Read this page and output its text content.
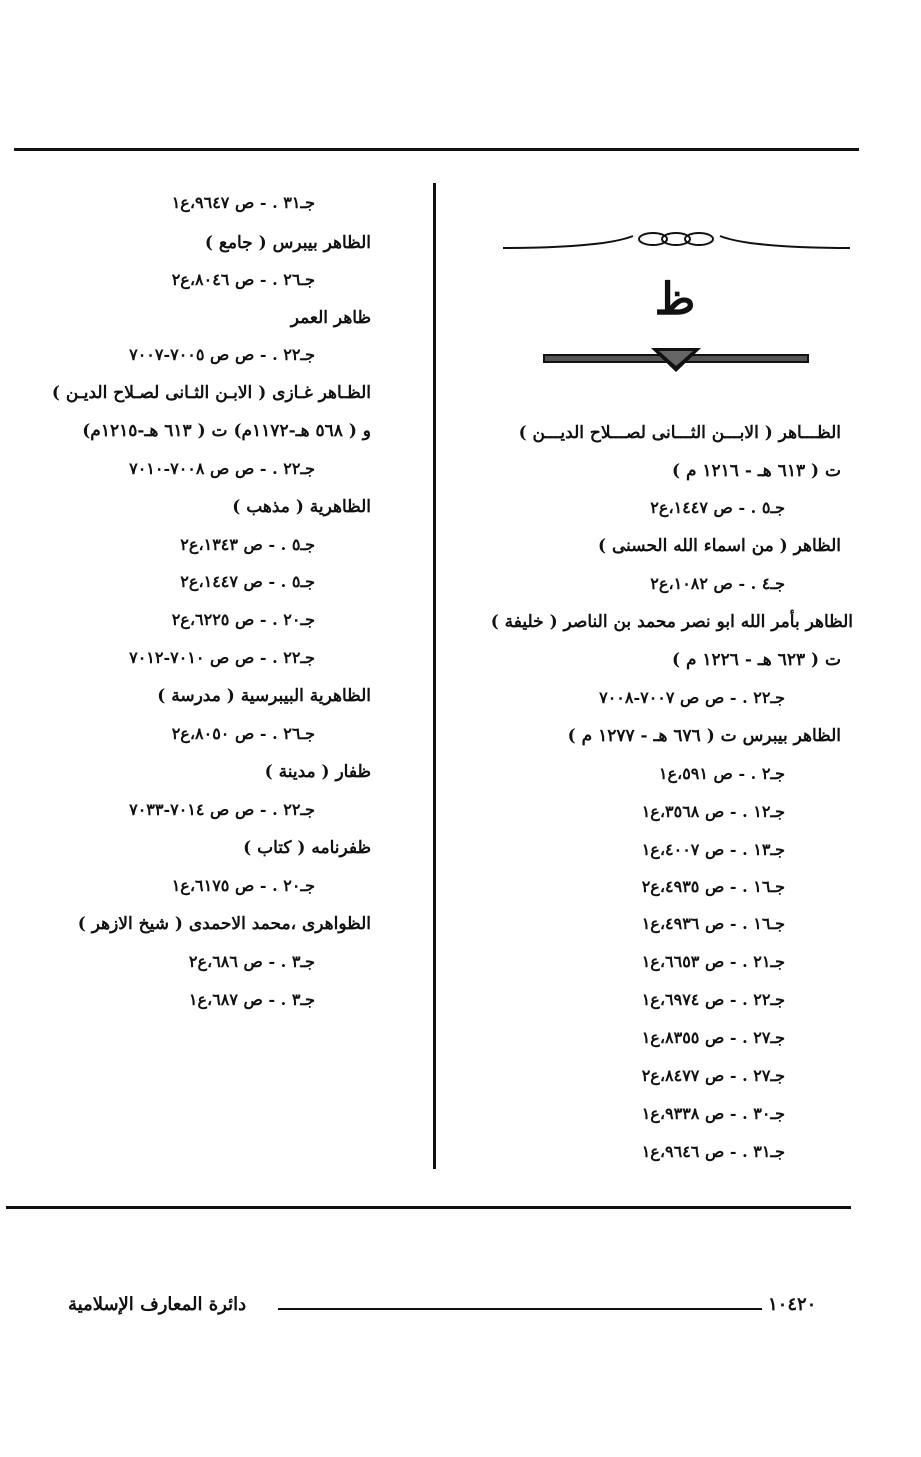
جـ٣١ . - ص ٩٦٤٧،ع١
الظاهر بيبرس ( جامع )
جـ٢٦ . - ص ٨٠٤٦،ع٢
ظاهر العمر
جـ٢٢ . - ص ص ٧٠٠٥-٧٠٠٧
الظـاهر غـازى ( الابـن الثـانى لصـلاح الديـن )
و ( ٥٦٨ هـ-١١٧٢م) ت ( ٦١٣ هـ-١٢١٥م)
جـ٢٢ . - ص ص ٧٠٠٨-٧٠١٠
الظاهرية ( مذهب )
جـ٥ . - ص ١٣٤٣،ع٢
جـ٥ . - ص ١٤٤٧،ع٢
جـ٢٠ . - ص ٦٢٢٥،ع٢
جـ٢٢ . - ص ص ٧٠١٠-٧٠١٢
الظاهرية البيبرسية ( مدرسة )
جـ٢٦ . - ص ٨٠٥٠،ع٢
ظفار ( مدينة )
جـ٢٢ . - ص ص ٧٠١٤-٧٠٣٣
ظفرنامه ( كتاب )
جـ٢٠ . - ص ٦١٧٥،ع١
الظواهرى ،محمد الاحمدى ( شيخ الازهر )
جـ٣ . - ص ٦٨٦،ع٢
جـ٣ . - ص ٦٨٧،ع١
ظ
الظـــاهر ( الابـــن الثـــانى لصـــلاح الديـــن )
ت ( ٦١٣ هـ - ١٢١٦ م )
جـ٥ . - ص ١٤٤٧،ع٢
الظاهر ( من اسماء الله الحسنى )
جـ٤ . - ص ١٠٨٢،ع٢
الظاهر بأمر الله ابو نصر محمد بن الناصر ( خليفة )
ت ( ٦٢٣ هـ - ١٢٢٦ م )
جـ٢٢ . - ص ص ٧٠٠٧-٧٠٠٨
الظاهر بيبرس ت ( ٦٧٦ هـ - ١٢٧٧ م )
جـ٢ . - ص ٥٩١،ع١
جـ١٢ . - ص ٣٥٦٨،ع١
جـ١٣ . - ص ٤٠٠٧،ع١
جـ١٦ . - ص ٤٩٣٥،ع٢
جـ١٦ . - ص ٤٩٣٦،ع١
جـ٢١ . - ص ٦٦٥٣،ع١
جـ٢٢ . - ص ٦٩٧٤،ع١
جـ٢٧ . - ص ٨٣٥٥،ع١
جـ٢٧ . - ص ٨٤٧٧،ع٢
جـ٣٠ . - ص ٩٣٣٨،ع١
جـ٣١ . - ص ٩٦٤٦،ع١
دائرة المعارف الإسلامية	١٠٤٢٠
